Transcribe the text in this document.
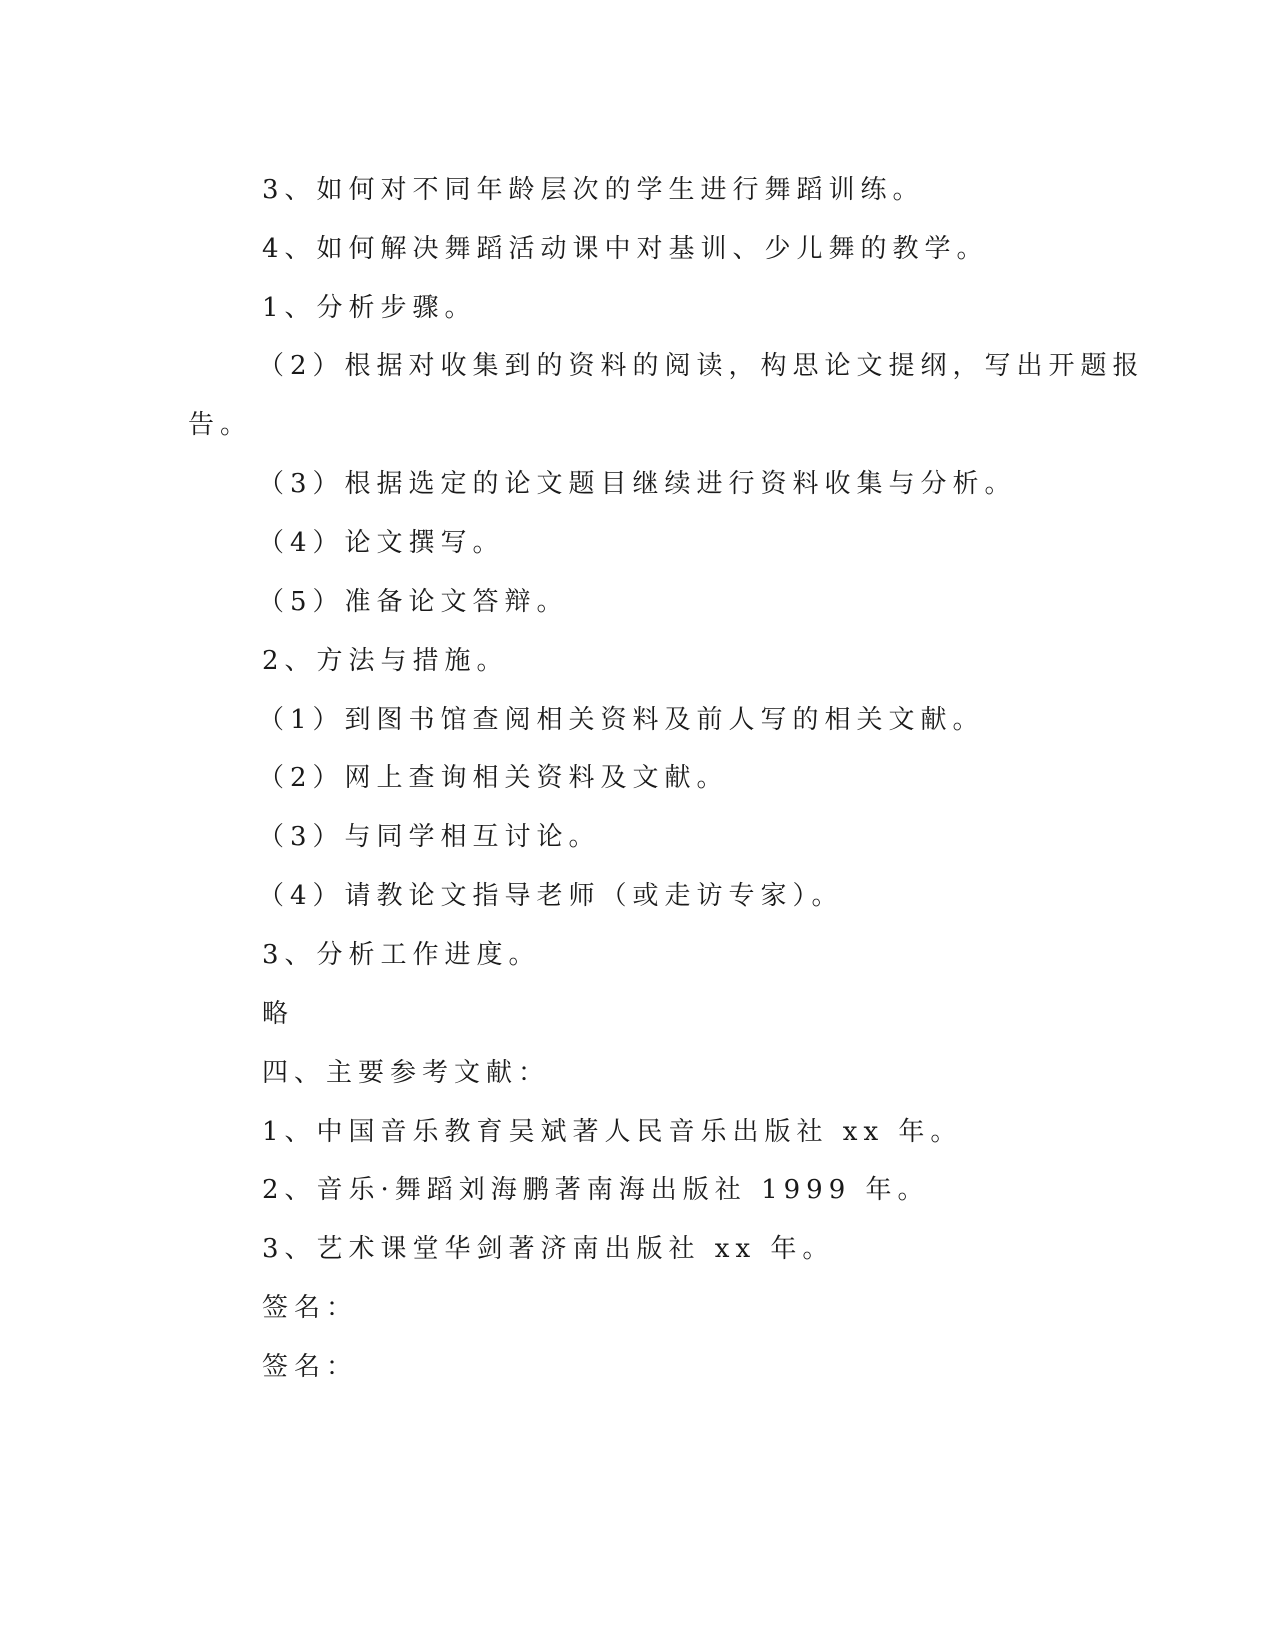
3、如何对不同年龄层次的学生进行舞蹈训练。
4、如何解决舞蹈活动课中对基训、少儿舞的教学。
1、分析步骤。
（2）根据对收集到的资料的阅读，构思论文提纲，写出开题报
告。
（3）根据选定的论文题目继续进行资料收集与分析。
（4）论文撰写。
（5）准备论文答辩。
2、方法与措施。
（1）到图书馆查阅相关资料及前人写的相关文献。
（2）网上查询相关资料及文献。
（3）与同学相互讨论。
（4）请教论文指导老师（或走访专家）。
3、分析工作进度。
略
四、主要参考文献：
1、中国音乐教育吴斌著人民音乐出版社 xx 年。
2、音乐·舞蹈刘海鹏著南海出版社 1999 年。
3、艺术课堂华剑著济南出版社 xx 年。
签名：
签名：
